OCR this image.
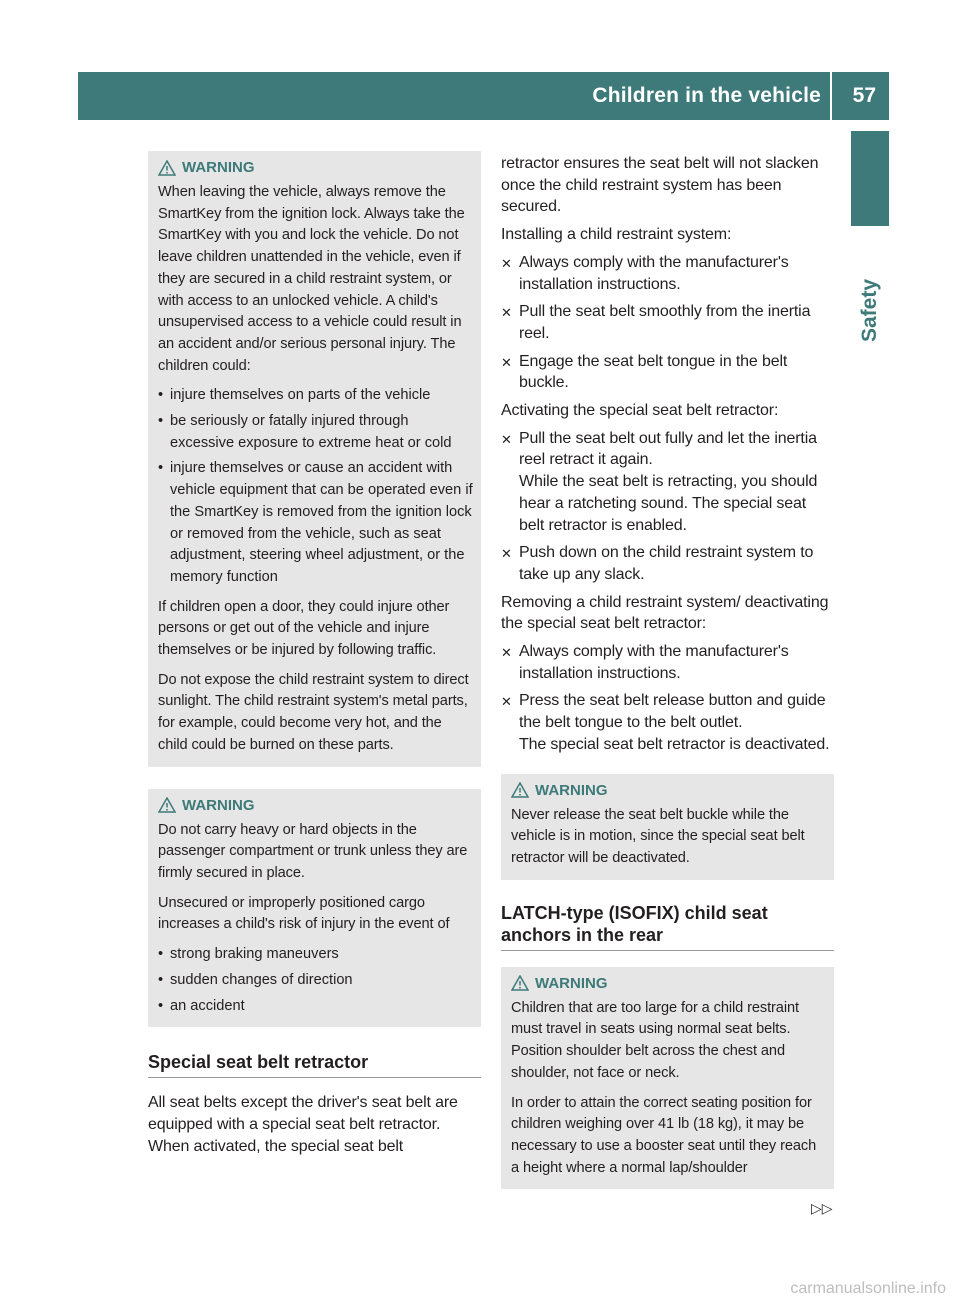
Children in the vehicle 57
Safety
WARNING

When leaving the vehicle, always remove the SmartKey from the ignition lock. Always take the SmartKey with you and lock the vehicle. Do not leave children unattended in the vehicle, even if they are secured in a child restraint system, or with access to an unlocked vehicle. A child's unsupervised access to a vehicle could result in an accident and/or serious personal injury. The children could:

• injure themselves on parts of the vehicle
• be seriously or fatally injured through excessive exposure to extreme heat or cold
• injure themselves or cause an accident with vehicle equipment that can be operated even if the SmartKey is removed from the ignition lock or removed from the vehicle, such as seat adjustment, steering wheel adjustment, or the memory function

If children open a door, they could injure other persons or get out of the vehicle and injure themselves or be injured by following traffic.

Do not expose the child restraint system to direct sunlight. The child restraint system's metal parts, for example, could become very hot, and the child could be burned on these parts.

WARNING

Do not carry heavy or hard objects in the passenger compartment or trunk unless they are firmly secured in place.

Unsecured or improperly positioned cargo increases a child's risk of injury in the event of

• strong braking maneuvers
• sudden changes of direction
• an accident
Special seat belt retractor

All seat belts except the driver's seat belt are equipped with a special seat belt retractor. When activated, the special seat belt

retractor ensures the seat belt will not slacken once the child restraint system has been secured.

Installing a child restraint system:

✕ Always comply with the manufacturer's installation instructions.
✕ Pull the seat belt smoothly from the inertia reel.
✕ Engage the seat belt tongue in the belt buckle.

Activating the special seat belt retractor:

✕ Pull the seat belt out fully and let the inertia reel retract it again.
While the seat belt is retracting, you should hear a ratcheting sound. The special seat belt retractor is enabled.
✕ Push down on the child restraint system to take up any slack.

Removing a child restraint system/ deactivating the special seat belt retractor:

✕ Always comply with the manufacturer's installation instructions.
✕ Press the seat belt release button and guide the belt tongue to the belt outlet.
The special seat belt retractor is deactivated.
WARNING

Never release the seat belt buckle while the vehicle is in motion, since the special seat belt retractor will be deactivated.

LATCH-type (ISOFIX) child seat anchors in the rear
WARNING

Children that are too large for a child restraint must travel in seats using normal seat belts. Position shoulder belt across the chest and shoulder, not face or neck.

In order to attain the correct seating position for children weighing over 41 lb (18 kg), it may be necessary to use a booster seat until they reach a height where a normal lap/shoulder

▷▷
carmanualsonline.info
